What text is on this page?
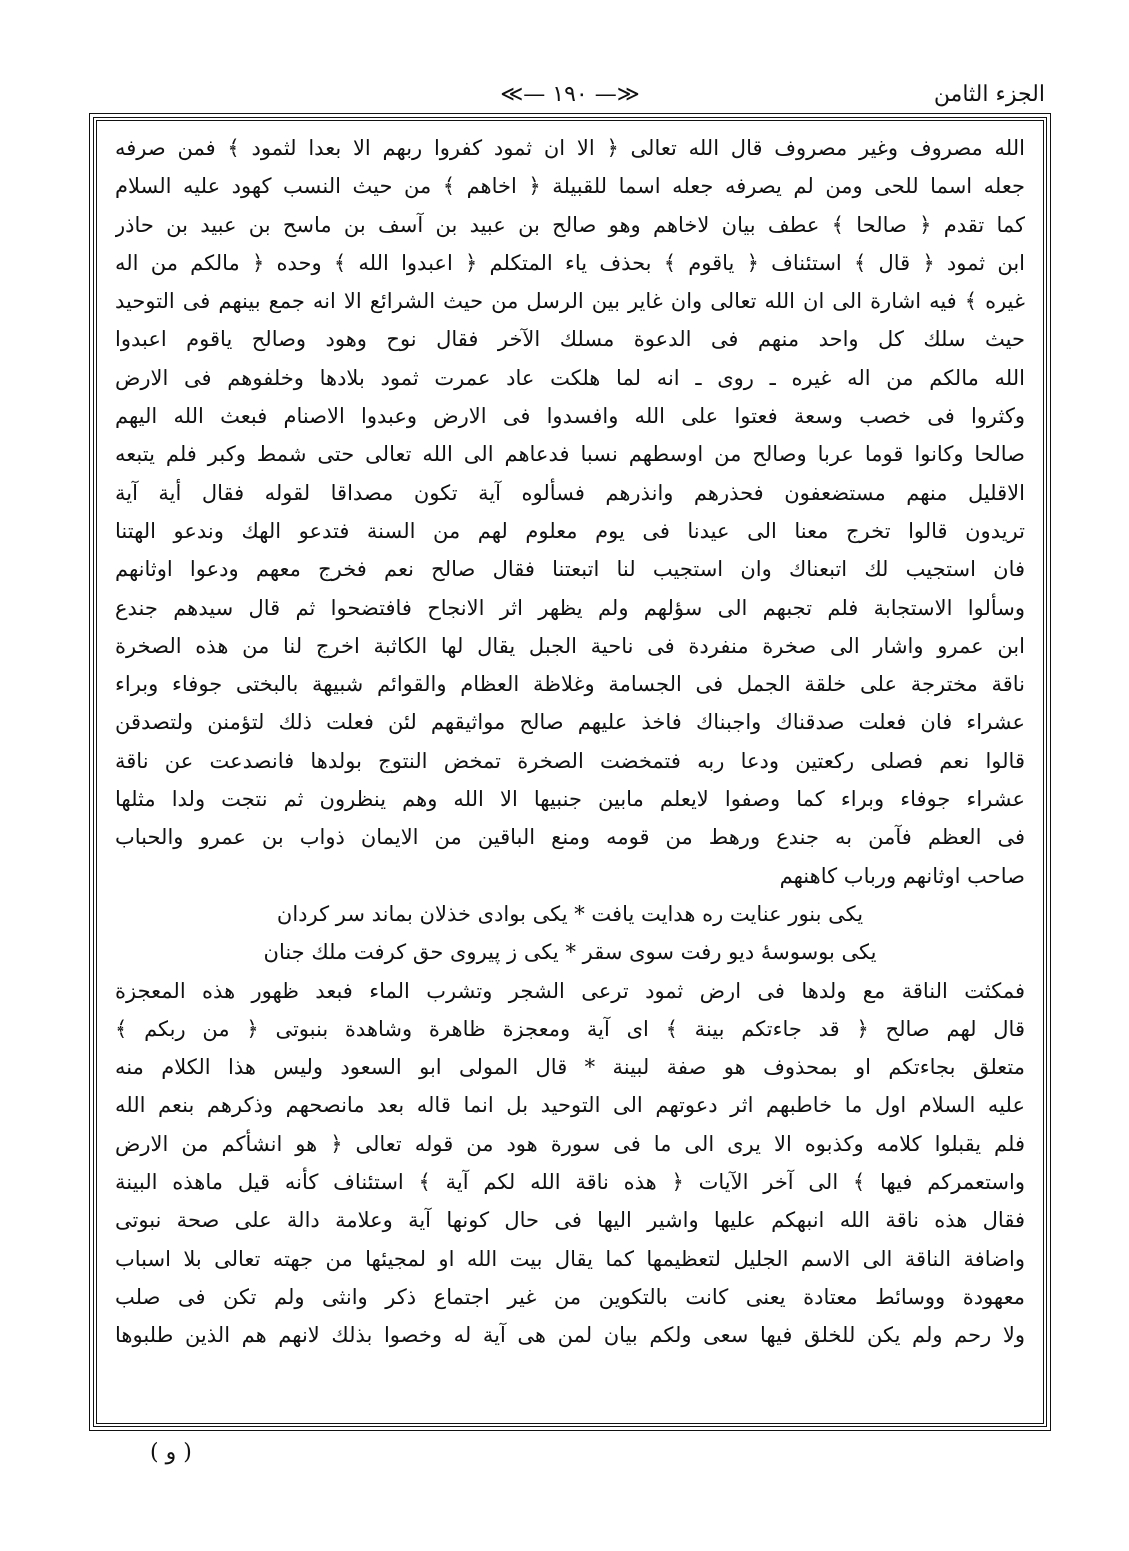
≪— ۱۹۰ —≫	الجزء الثامن
الله مصروف وغير مصروف قال الله تعالى ﴿ الا ان ثمود كفروا ربهم الا بعدا لثمود ﴾ فمن صرفه
جعله اسما للحى ومن لم يصرفه جعله اسما للقبيلة ﴿ اخاهم ﴾ من حيث النسب كهود عليه السلام
كما تقدم ﴿ صالحا ﴾ عطف بيان لاخاهم وهو صالح بن عبيد بن آسف بن ماسح بن عبيد بن حاذر
ابن ثمود ﴿ قال ﴾ استئناف ﴿ ياقوم ﴾ بحذف ياء المتكلم ﴿ اعبدوا الله ﴾ وحده ﴿ مالكم من اله
غيره ﴾ فيه اشارة الى ان الله تعالى وان غاير بين الرسل من حيث الشرائع الا انه جمع بينهم فى التوحيد
حيث سلك كل واحد منهم فى الدعوة مسلك الآخر فقال نوح وهود وصالح ياقوم اعبدوا
الله مالكم من اله غيره ـ روى ـ انه لما هلكت عاد عمرت ثمود بلادها وخلفوهم فى الارض
وكثروا فى خصب وسعة فعتوا على الله وافسدوا فى الارض وعبدوا الاصنام فبعث الله اليهم
صالحا وكانوا قوما عربا وصالح من اوسطهم نسبا فدعاهم الى الله تعالى حتى شمط وكبر فلم يتبعه
الاقليل منهم مستضعفون فحذرهم وانذرهم فسألوه آية تكون مصداقا لقوله فقال أية آية
تريدون قالوا تخرج معنا الى عيدنا فى يوم معلوم لهم من السنة فتدعو الهك وندعو الهتنا
فان استجيب لك اتبعناك وان استجيب لنا اتبعتنا فقال صالح نعم فخرج معهم ودعوا اوثانهم
وسألوا الاستجابة فلم تجبهم الى سؤلهم ولم يظهر اثر الانجاح فافتضحوا ثم قال سيدهم جندع
ابن عمرو واشار الى صخرة منفردة فى ناحية الجبل يقال لها الكاثبة اخرج لنا من هذه الصخرة
ناقة مخترجة على خلقة الجمل فى الجسامة وغلاظة العظام والقوائم شبيهة بالبختى جوفاء وبراء
عشراء فان فعلت صدقناك واجبناك فاخذ عليهم صالح مواثيقهم لئن فعلت ذلك لتؤمنن ولتصدقن
قالوا نعم فصلى ركعتين ودعا ربه فتمخضت الصخرة تمخض النتوج بولدها فانصدعت عن ناقة
عشراء جوفاء وبراء كما وصفوا لايعلم مابين جنبيها الا الله وهم ينظرون ثم نتجت ولدا مثلها
فى العظم فآمن به جندع ورهط من قومه ومنع الباقين من الايمان ذواب بن عمرو والحباب
صاحب اوثانهم ورباب كاهنهم
يكى بنور عنايت ره هدايت يافت * يكى بوادى خذلان بماند سر كردان
يكى بوسوسهٔ ديو رفت سوى سقر * يكى ز پيروى حق كرفت ملك جنان
فمكثت الناقة مع ولدها فى ارض ثمود ترعى الشجر وتشرب الماء فبعد ظهور هذه المعجزة
قال لهم صالح ﴿ قد جاءتكم بينة ﴾ اى آية ومعجزة ظاهرة وشاهدة بنبوتى ﴿ من ربكم ﴾
متعلق بجاءتكم او بمحذوف هو صفة لبينة * قال المولى ابو السعود وليس هذا الكلام منه
عليه السلام اول ما خاطبهم اثر دعوتهم الى التوحيد بل انما قاله بعد مانصحهم وذكرهم بنعم الله
فلم يقبلوا كلامه وكذبوه الا يرى الى ما فى سورة هود من قوله تعالى ﴿ هو انشأكم من الارض
واستعمركم فيها ﴾ الى آخر الآيات ﴿ هذه ناقة الله لكم آية ﴾ استئناف كأنه قيل ماهذه البينة
فقال هذه ناقة الله انبهكم عليها واشير اليها فى حال كونها آية وعلامة دالة على صحة نبوتى
واضافة الناقة الى الاسم الجليل لتعظيمها كما يقال بيت الله او لمجيئها من جهته تعالى بلا اسباب
معهودة ووسائط معتادة يعنى كانت بالتكوين من غير اجتماع ذكر وانثى ولم تكن فى صلب
ولا رحم ولم يكن للخلق فيها سعى ولكم بيان لمن هى آية له وخصوا بذلك لانهم هم الذين طلبوها
( و )
